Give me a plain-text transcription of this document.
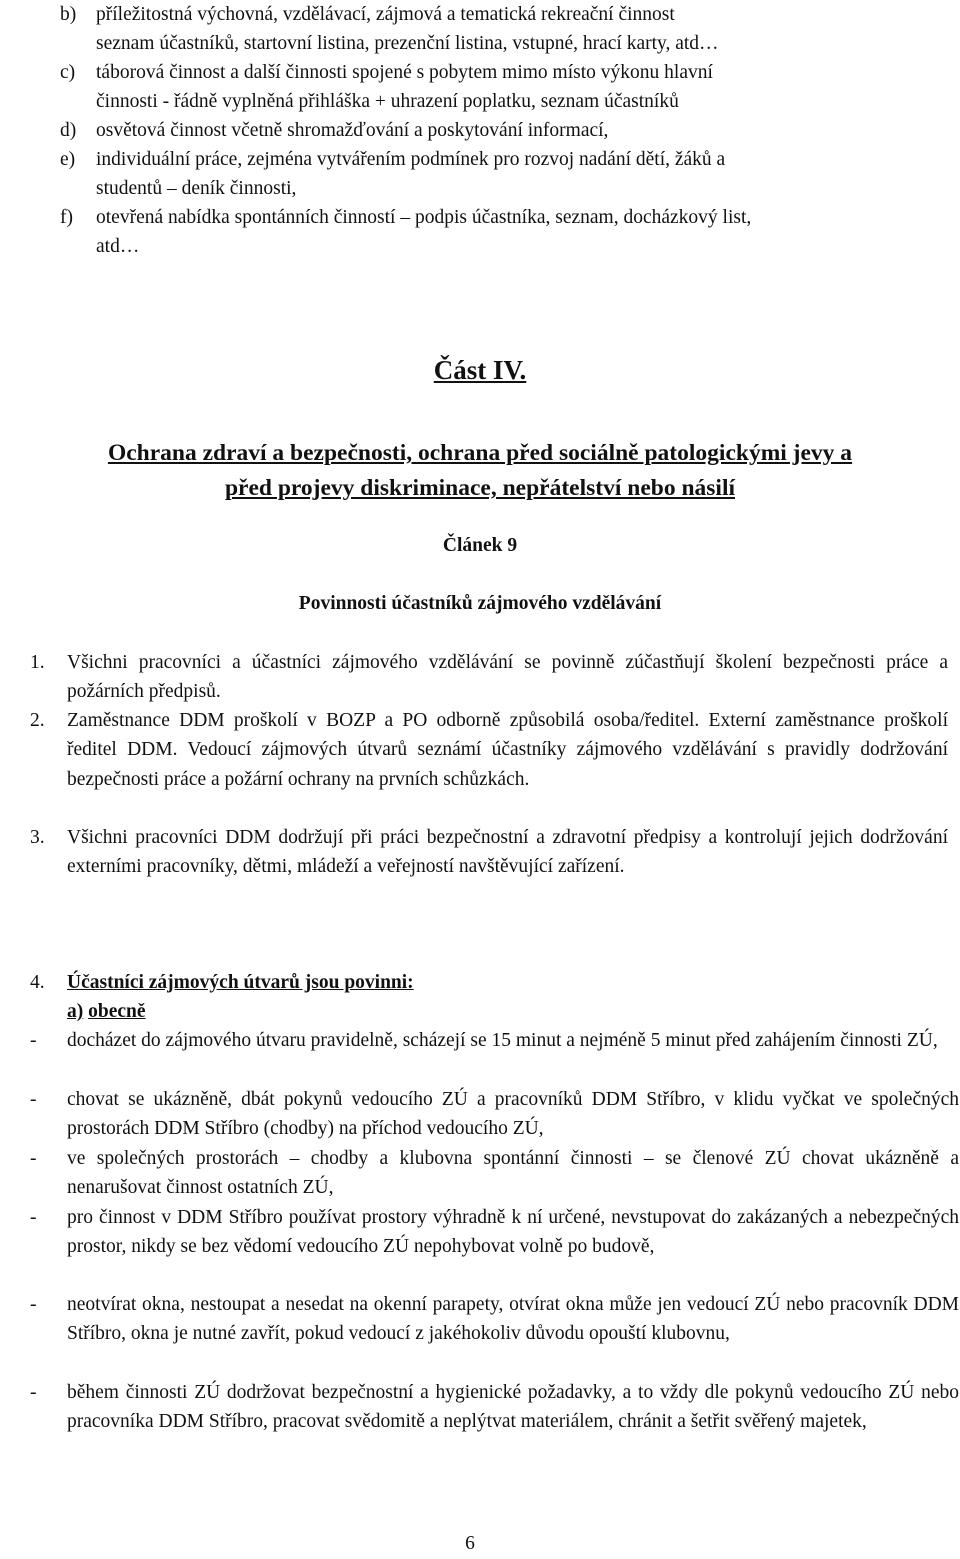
b) příležitostná výchovná, vzdělávací, zájmová a tematická rekreační činnost
seznam účastníků, startovní listina, prezenční listina, vstupné, hrací karty, atd…
c) táborová činnost a další činnosti spojené s pobytem mimo místo výkonu hlavní
činnosti - řádně vyplněná přihláška + uhrazení poplatku, seznam účastníků
d) osvětová činnost včetně shromažďování a poskytování informací,
e) individuální práce, zejména vytvářením podmínek pro rozvoj nadání dětí, žáků a
studentů – deník činnosti,
f) otevřená nabídka spontánních činností – podpis účastníka, seznam, docházkový list,
atd…
Část IV.
Ochrana zdraví a bezpečnosti, ochrana před sociálně patologickými jevy a
před projevy diskriminace, nepřátelství nebo násilí
Článek 9
Povinnosti účastníků zájmového vzdělávání
1. Všichni pracovníci a účastníci zájmového vzdělávání se povinně zúčastňují školení bezpečnosti práce a požárních předpisů.
2. Zaměstnance DDM proškolí v BOZP a PO odborně způsobilá osoba/ředitel. Externí zaměstnance proškolí ředitel DDM. Vedoucí zájmových útvarů seznámí účastníky zájmového vzdělávání s pravidly dodržování bezpečnosti práce a požární ochrany na prvních schůzkách.
3. Všichni pracovníci DDM dodržují při práci bezpečnostní a zdravotní předpisy a kontrolují jejich dodržování externími pracovníky, dětmi, mládeží a veřejností navštěvující zařízení.
4. Účastníci zájmových útvarů jsou povinni:
a) obecně
- docházet do zájmového útvaru pravidelně, scházejí se 15 minut a nejméně 5 minut před zahájením činnosti ZÚ,
- chovat se ukázněně, dbát pokynů vedoucího ZÚ a pracovníků DDM Stříbro, v klidu vyčkat ve společných prostorách DDM Stříbro (chodby) na příchod vedoucího ZÚ,
- ve společných prostorách – chodby a klubovna spontánní činnosti – se členové ZÚ chovat ukázněně a nenarušovat činnost ostatních ZÚ,
- pro činnost v DDM Stříbro používat prostory výhradně k ní určené, nevstupovat do zakázaných a nebezpečných prostor, nikdy se bez vědomí vedoucího ZÚ nepohybovat volně po budově,
- neotvírat okna, nestoupat a nesedat na okenní parapety, otvírat okna může jen vedoucí ZÚ nebo pracovník DDM Stříbro, okna je nutné zavřít, pokud vedoucí z jakéhokoliv důvodu opouští klubovnu,
- během činnosti ZÚ dodržovat bezpečnostní a hygienické požadavky, a to vždy dle pokynů vedoucího ZÚ nebo pracovníka DDM Stříbro, pracovat svědomitě a neplýtvat materiálem, chránit a šetřit svěřený majetek,
6
